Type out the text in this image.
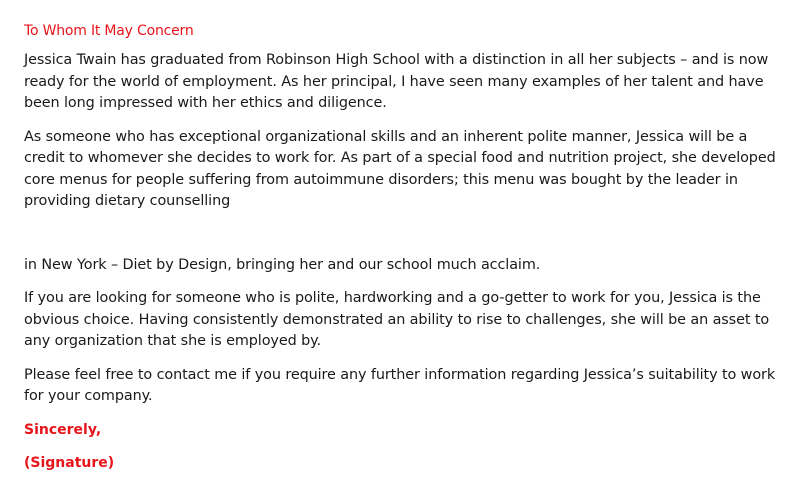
To Whom It May Concern

Jessica Twain has graduated from Robinson High School with a distinction in all her subjects – and is now ready for the world of employment. As her principal, I have seen many examples of her talent and have been long impressed with her ethics and diligence.

As someone who has exceptional organizational skills and an inherent polite manner, Jessica will be a credit to whomever she decides to work for. As part of a special food and nutrition project, she developed core menus for people suffering from autoimmune disorders; this menu was bought by the leader in providing dietary counselling

in New York – Diet by Design, bringing her and our school much acclaim.

If you are looking for someone who is polite, hardworking and a go-getter to work for you, Jessica is the obvious choice. Having consistently demonstrated an ability to rise to challenges, she will be an asset to any organization that she is employed by.

Please feel free to contact me if you require any further information regarding Jessica’s suitability to work for your company.

Sincerely,

(Signature)
